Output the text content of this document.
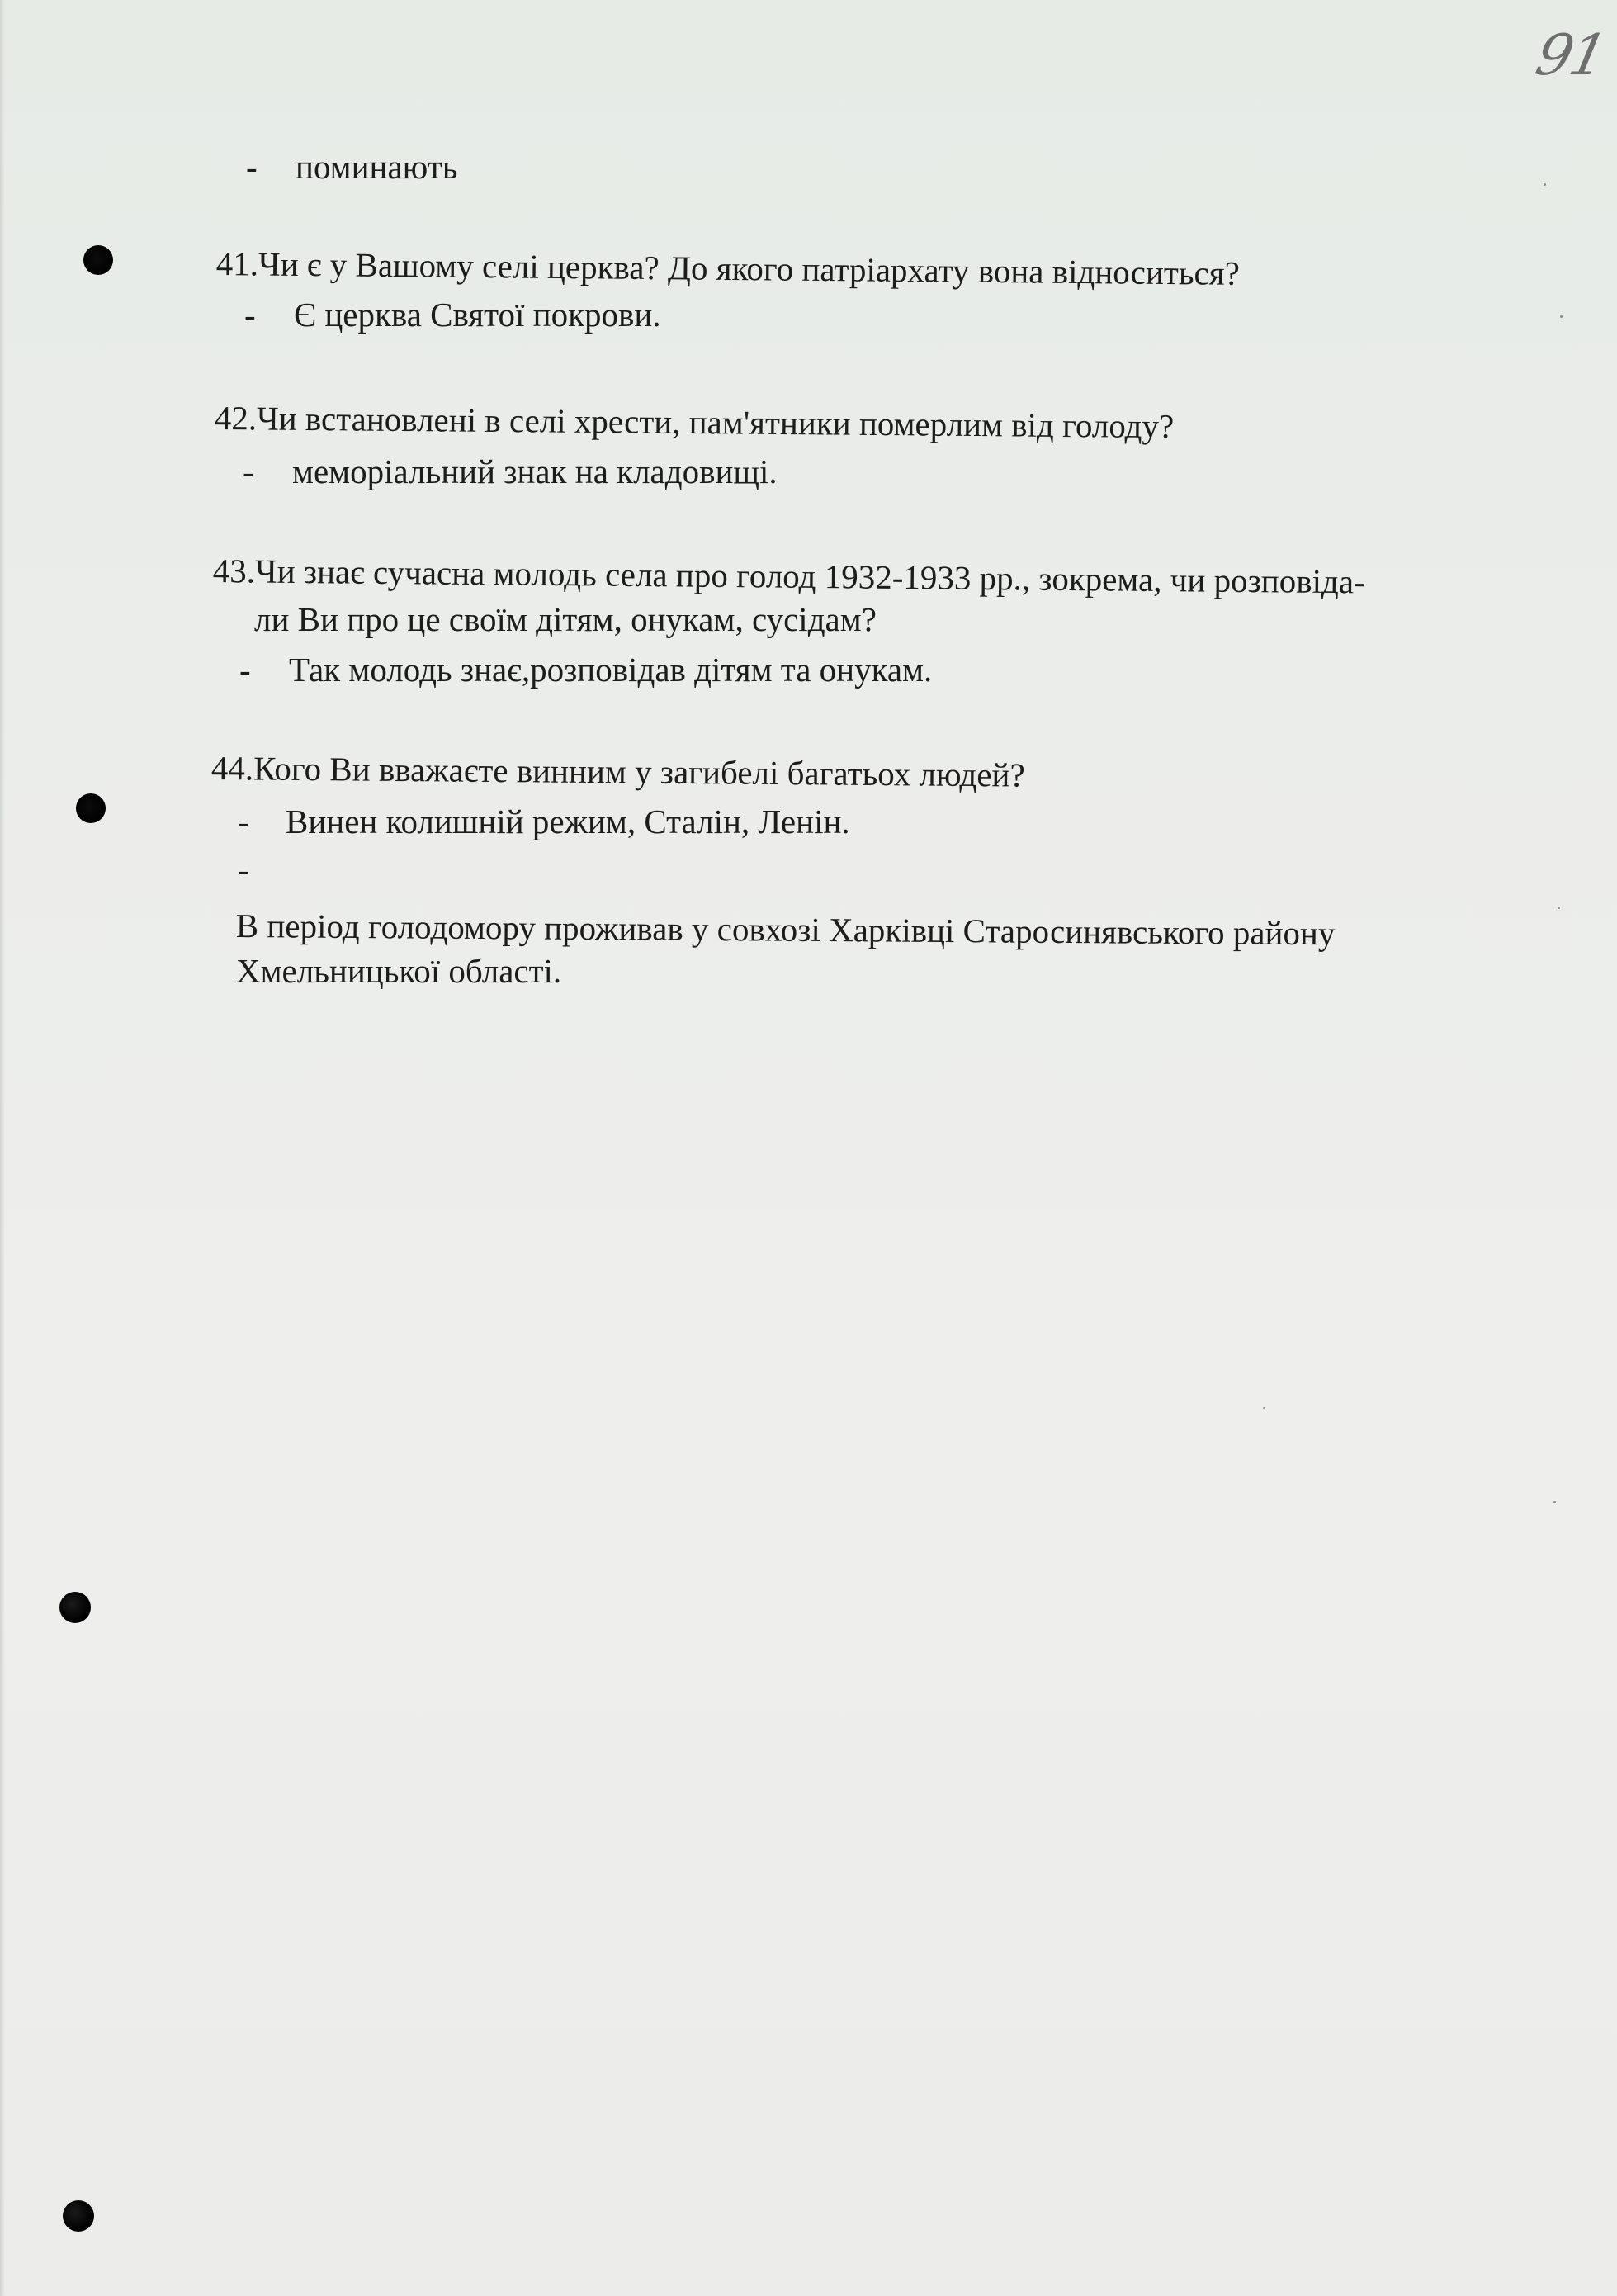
91
- поминають
41.Чи є у Вашому селі церква? До якого патріархату вона відноситься?
- Є церква Святої покрови.
42.Чи встановлені в селі хрести, пам'ятники померлим від голоду?
- меморіальний знак на кладовищі.
43.Чи знає сучасна молодь села про голод 1932-1933 рр., зокрема, чи розповіда-
ли Ви про це своїм дітям, онукам, сусідам?
- Так молодь знає,розповідав дітям та онукам.
44.Кого Ви вважаєте винним у загибелі багатьох людей?
- Винен колишній режим, Сталін, Ленін.
-
В період голодомору проживав у совхозі Харківці Старосинявського району
Хмельницької області.
